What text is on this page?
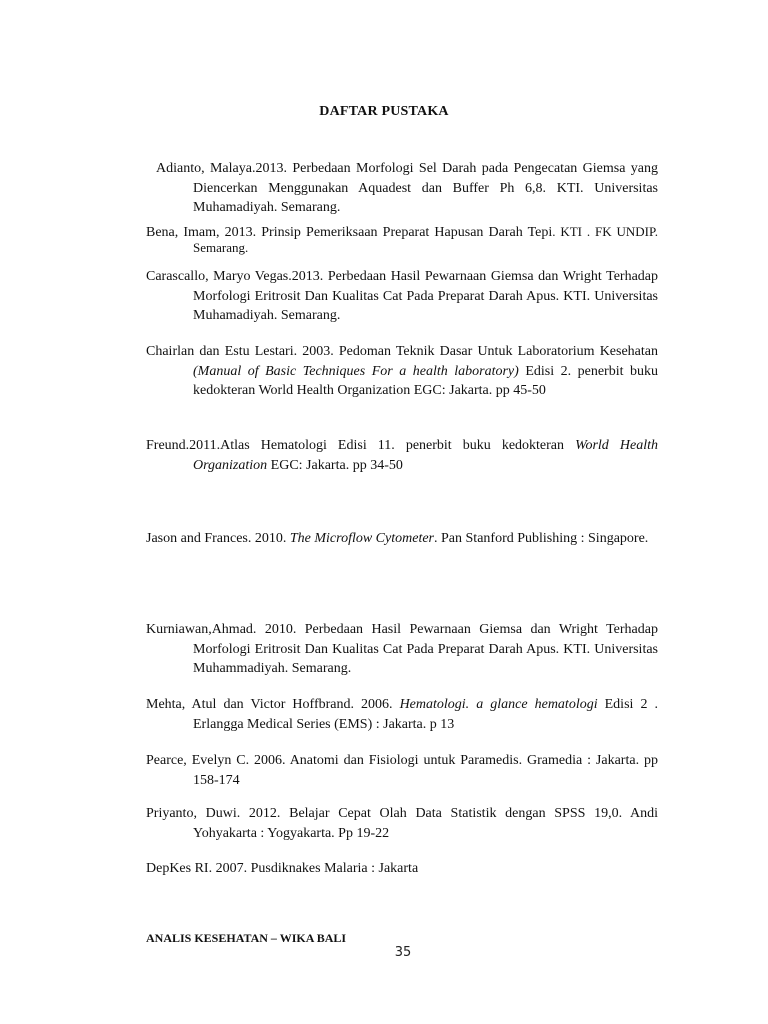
DAFTAR PUSTAKA
Adianto, Malaya.2013. Perbedaan Morfologi Sel Darah pada Pengecatan Giemsa yang Diencerkan Menggunakan Aquadest dan Buffer Ph 6,8. KTI. Universitas Muhamadiyah. Semarang.
Bena, Imam, 2013. Prinsip Pemeriksaan Preparat Hapusan Darah Tepi. KTI . FK UNDIP. Semarang.
Carascallo, Maryo Vegas.2013. Perbedaan Hasil Pewarnaan Giemsa dan Wright Terhadap Morfologi Eritrosit Dan Kualitas Cat Pada Preparat Darah Apus. KTI. Universitas Muhamadiyah. Semarang.
Chairlan dan Estu Lestari. 2003. Pedoman Teknik Dasar Untuk Laboratorium Kesehatan (Manual of Basic Techniques For a health laboratory) Edisi 2. penerbit buku kedokteran World Health Organization EGC: Jakarta. pp 45-50
Freund.2011.Atlas Hematologi Edisi 11. penerbit buku kedokteran World Health Organization EGC: Jakarta. pp 34-50
Jason and Frances. 2010. The Microflow Cytometer. Pan Stanford Publishing : Singapore.
Kurniawan,Ahmad. 2010. Perbedaan Hasil Pewarnaan Giemsa dan Wright Terhadap Morfologi Eritrosit Dan Kualitas Cat Pada Preparat Darah Apus. KTI. Universitas Muhammadiyah. Semarang.
Mehta, Atul dan Victor Hoffbrand. 2006. Hematologi. a glance hematologi Edisi 2 . Erlangga Medical Series (EMS) : Jakarta. p 13
Pearce, Evelyn C. 2006. Anatomi dan Fisiologi untuk Paramedis. Gramedia : Jakarta. pp 158-174
Priyanto, Duwi. 2012. Belajar Cepat Olah Data Statistik dengan SPSS 19,0. Andi Yohyakarta : Yogyakarta. Pp 19-22
DepKes RI. 2007. Pusdiknakes Malaria : Jakarta
ANALIS KESEHATAN – WIKA BALI
35
